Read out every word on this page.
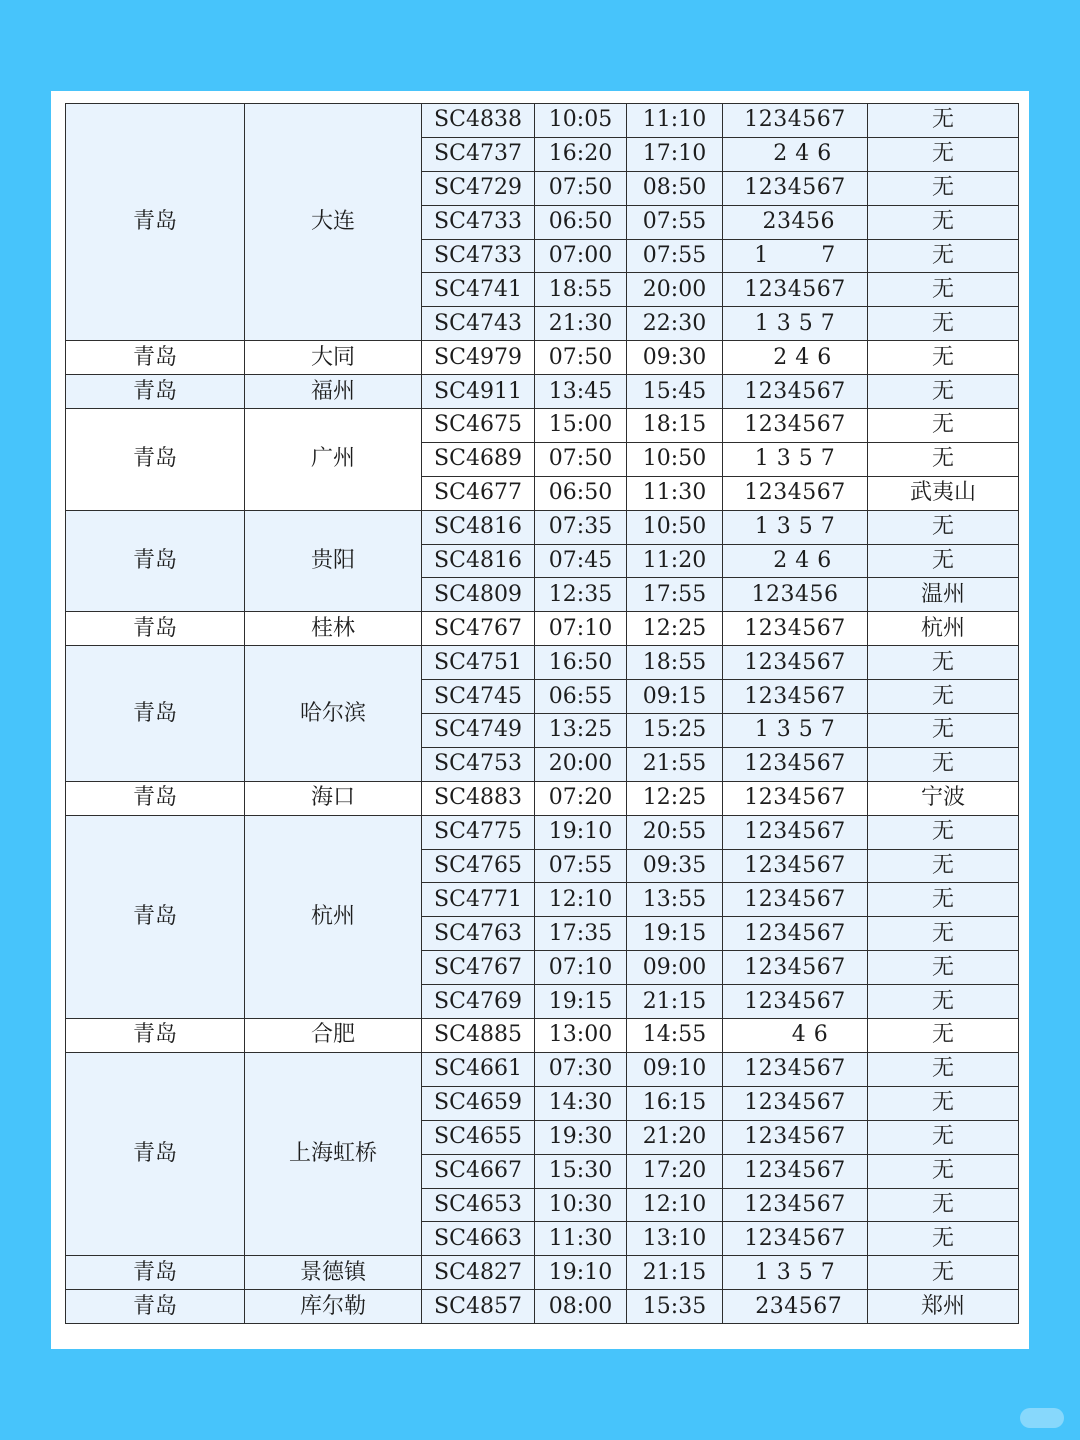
青岛	大连	SC4838	10:05	11:10	1234567	无
		SC4737	16:20	17:10	2 4 6	无
		SC4729	07:50	08:50	1234567	无
		SC4733	06:50	07:55	23456	无
		SC4733	07:00	07:55	1       7	无
		SC4741	18:55	20:00	1234567	无
		SC4743	21:30	22:30	1 3 5 7	无
青岛	大同	SC4979	07:50	09:30	2 4 6	无
青岛	福州	SC4911	13:45	15:45	1234567	无
青岛	广州	SC4675	15:00	18:15	1234567	无
		SC4689	07:50	10:50	1 3 5 7	无
		SC4677	06:50	11:30	1234567	武夷山
青岛	贵阳	SC4816	07:35	10:50	1 3 5 7	无
		SC4816	07:45	11:20	2 4 6	无
		SC4809	12:35	17:55	123456	温州
青岛	桂林	SC4767	07:10	12:25	1234567	杭州
青岛	哈尔滨	SC4751	16:50	18:55	1234567	无
		SC4745	06:55	09:15	1234567	无
		SC4749	13:25	15:25	1 3 5 7	无
		SC4753	20:00	21:55	1234567	无
青岛	海口	SC4883	07:20	12:25	1234567	宁波
青岛	杭州	SC4775	19:10	20:55	1234567	无
		SC4765	07:55	09:35	1234567	无
		SC4771	12:10	13:55	1234567	无
		SC4763	17:35	19:15	1234567	无
		SC4767	07:10	09:00	1234567	无
		SC4769	19:15	21:15	1234567	无
青岛	合肥	SC4885	13:00	14:55	4 6	无
青岛	上海虹桥	SC4661	07:30	09:10	1234567	无
		SC4659	14:30	16:15	1234567	无
		SC4655	19:30	21:20	1234567	无
		SC4667	15:30	17:20	1234567	无
		SC4653	10:30	12:10	1234567	无
		SC4663	11:30	13:10	1234567	无
青岛	景德镇	SC4827	19:10	21:15	1 3 5 7	无
青岛	库尔勒	SC4857	08:00	15:35	234567	郑州
